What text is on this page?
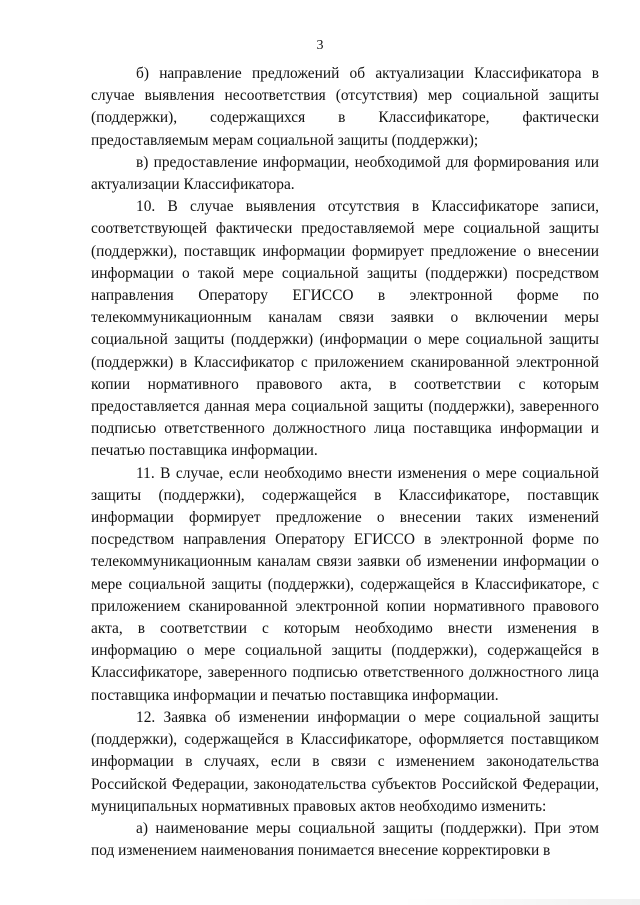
3

б) направление предложений об актуализации Классификатора в случае выявления несоответствия (отсутствия) мер социальной защиты (поддержки), содержащихся в Классификаторе, фактически предоставляемым мерам социальной защиты (поддержки);

в) предоставление информации, необходимой для формирования или актуализации Классификатора.

10. В случае выявления отсутствия в Классификаторе записи, соответствующей фактически предоставляемой мере социальной защиты (поддержки), поставщик информации формирует предложение о внесении информации о такой мере социальной защиты (поддержки) посредством направления Оператору ЕГИССО в электронной форме по телекоммуникационным каналам связи заявки о включении меры социальной защиты (поддержки) (информации о мере социальной защиты (поддержки) в Классификатор с приложением сканированной электронной копии нормативного правового акта, в соответствии с которым предоставляется данная мера социальной защиты (поддержки), заверенного подписью ответственного должностного лица поставщика информации и печатью поставщика информации.

11. В случае, если необходимо внести изменения о мере социальной защиты (поддержки), содержащейся в Классификаторе, поставщик информации формирует предложение о внесении таких изменений посредством направления Оператору ЕГИССО в электронной форме по телекоммуникационным каналам связи заявки об изменении информации о мере социальной защиты (поддержки), содержащейся в Классификаторе, с приложением сканированной электронной копии нормативного правового акта, в соответствии с которым необходимо внести изменения в информацию о мере социальной защиты (поддержки), содержащейся в Классификаторе, заверенного подписью ответственного должностного лица поставщика информации и печатью поставщика информации.

12. Заявка об изменении информации о мере социальной защиты (поддержки), содержащейся в Классификаторе, оформляется поставщиком информации в случаях, если в связи с изменением законодательства Российской Федерации, законодательства субъектов Российской Федерации, муниципальных нормативных правовых актов необходимо изменить:

а) наименование меры социальной защиты (поддержки). При этом под изменением наименования понимается внесение корректировки в
